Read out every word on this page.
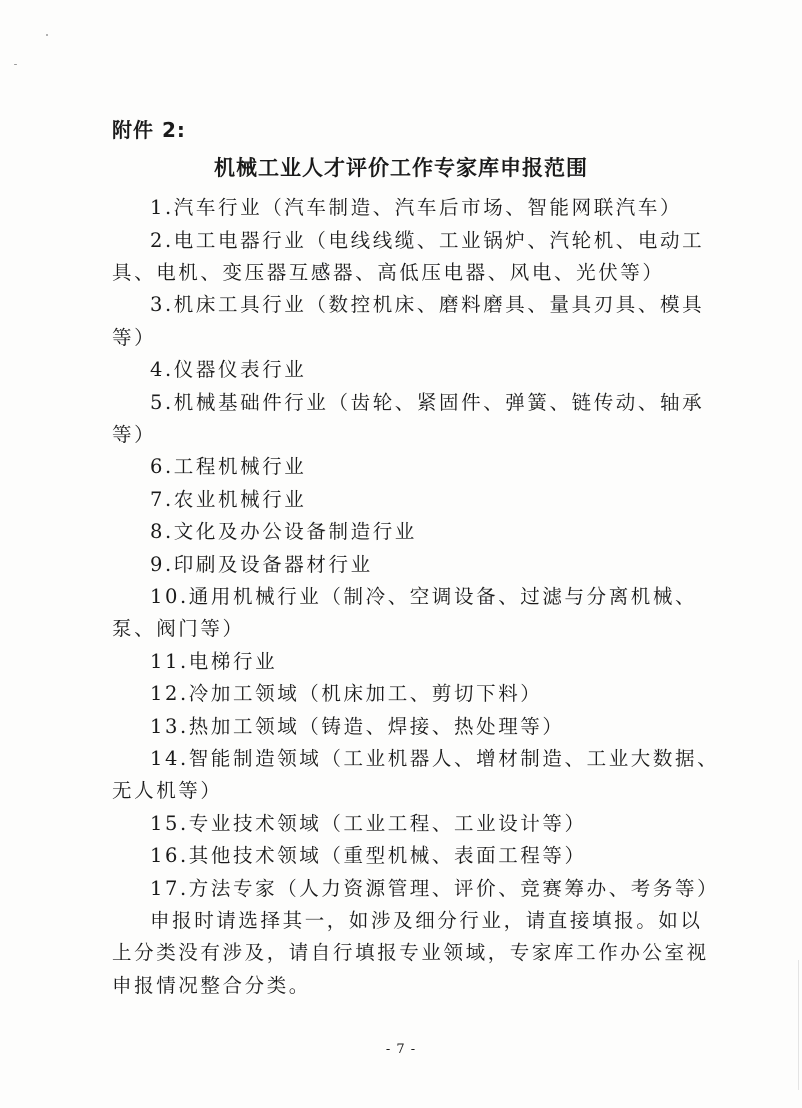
附件 2:
机械工业人才评价工作专家库申报范围
1.汽车行业（汽车制造、汽车后市场、智能网联汽车）
2.电工电器行业（电线线缆、工业锅炉、汽轮机、电动工
具、电机、变压器互感器、高低压电器、风电、光伏等）
3.机床工具行业（数控机床、磨料磨具、量具刃具、模具
等）
4.仪器仪表行业
5.机械基础件行业（齿轮、紧固件、弹簧、链传动、轴承
等）
6.工程机械行业
7.农业机械行业
8.文化及办公设备制造行业
9.印刷及设备器材行业
10.通用机械行业（制冷、空调设备、过滤与分离机械、
泵、阀门等）
11.电梯行业
12.冷加工领域（机床加工、剪切下料）
13.热加工领域（铸造、焊接、热处理等）
14.智能制造领域（工业机器人、增材制造、工业大数据、
无人机等）
15.专业技术领域（工业工程、工业设计等）
16.其他技术领域（重型机械、表面工程等）
17.方法专家（人力资源管理、评价、竞赛筹办、考务等）
申报时请选择其一，如涉及细分行业，请直接填报。如以
上分类没有涉及，请自行填报专业领域，专家库工作办公室视
申报情况整合分类。
- 7 -
